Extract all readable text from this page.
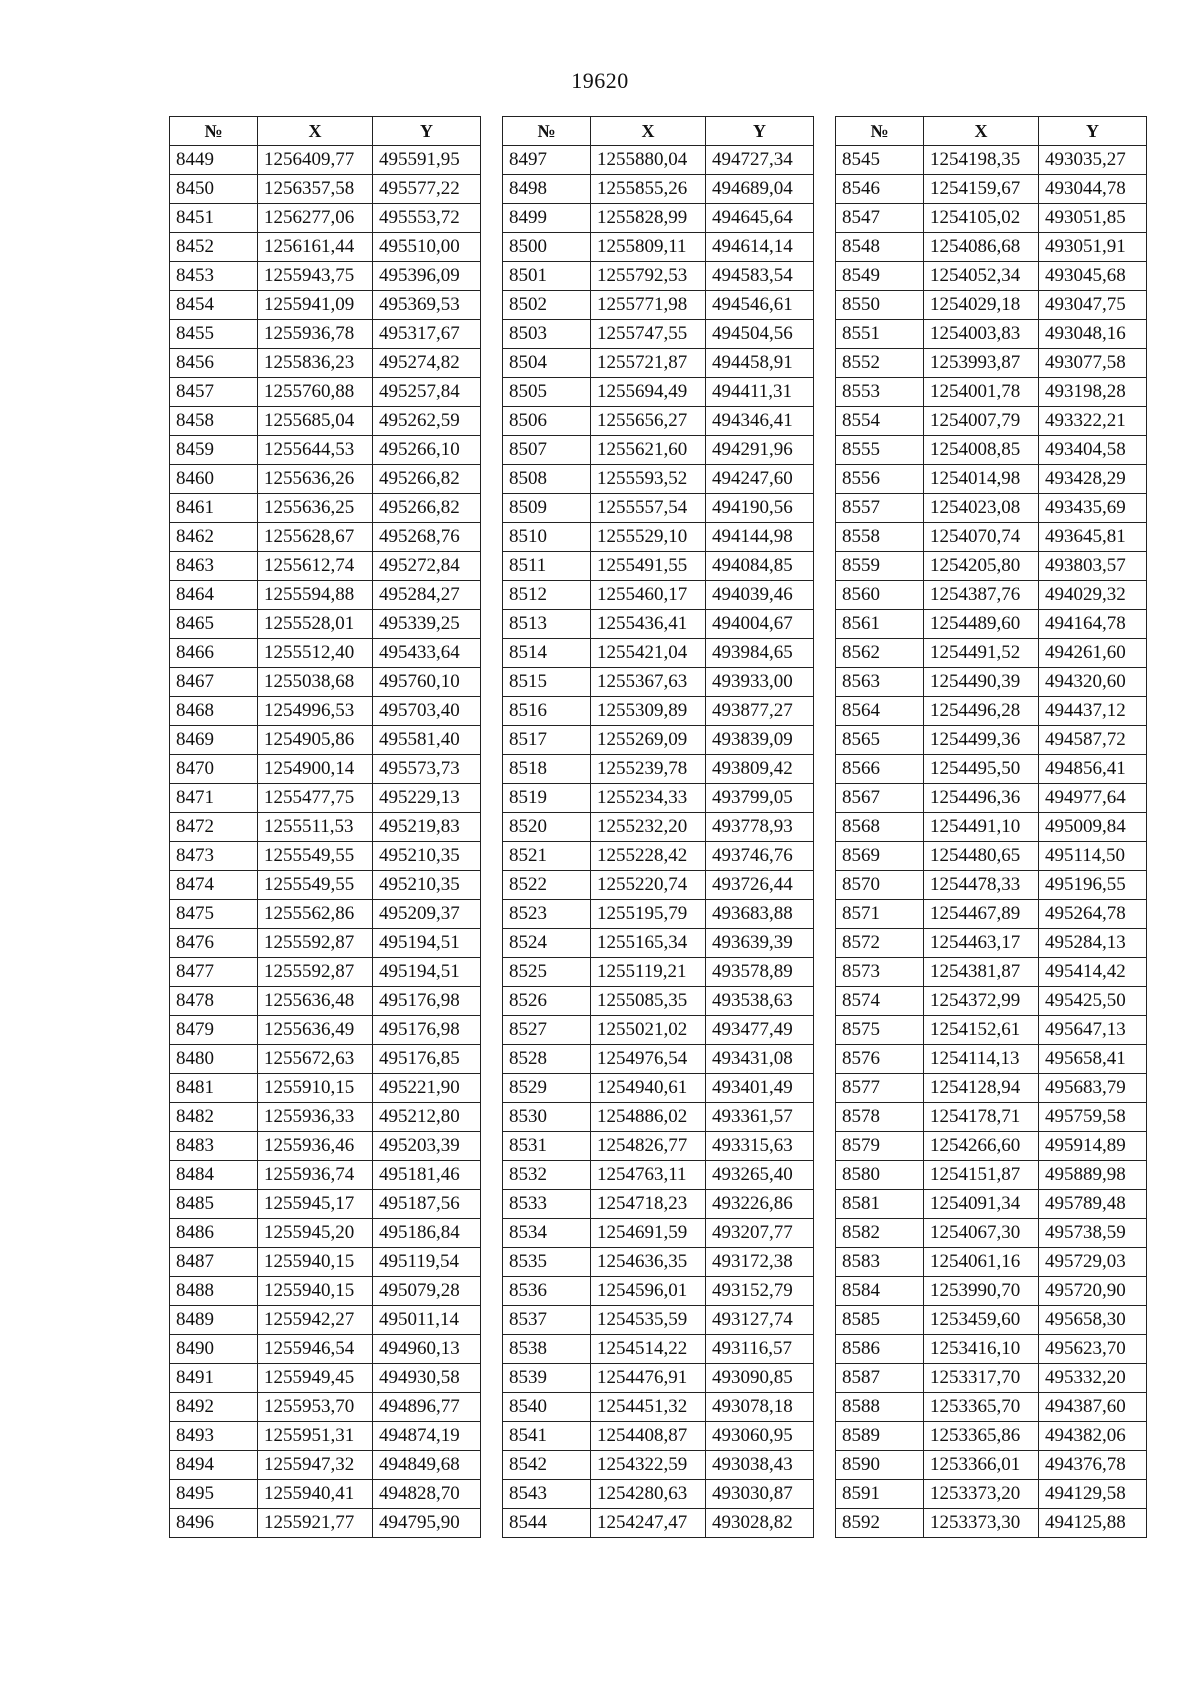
19620
№	X	Y
8449	1256409,77	495591,95
8450	1256357,58	495577,22
8451	1256277,06	495553,72
8452	1256161,44	495510,00
8453	1255943,75	495396,09
8454	1255941,09	495369,53
8455	1255936,78	495317,67
8456	1255836,23	495274,82
8457	1255760,88	495257,84
8458	1255685,04	495262,59
8459	1255644,53	495266,10
8460	1255636,26	495266,82
8461	1255636,25	495266,82
8462	1255628,67	495268,76
8463	1255612,74	495272,84
8464	1255594,88	495284,27
8465	1255528,01	495339,25
8466	1255512,40	495433,64
8467	1255038,68	495760,10
8468	1254996,53	495703,40
8469	1254905,86	495581,40
8470	1254900,14	495573,73
8471	1255477,75	495229,13
8472	1255511,53	495219,83
8473	1255549,55	495210,35
8474	1255549,55	495210,35
8475	1255562,86	495209,37
8476	1255592,87	495194,51
8477	1255592,87	495194,51
8478	1255636,48	495176,98
8479	1255636,49	495176,98
8480	1255672,63	495176,85
8481	1255910,15	495221,90
8482	1255936,33	495212,80
8483	1255936,46	495203,39
8484	1255936,74	495181,46
8485	1255945,17	495187,56
8486	1255945,20	495186,84
8487	1255940,15	495119,54
8488	1255940,15	495079,28
8489	1255942,27	495011,14
8490	1255946,54	494960,13
8491	1255949,45	494930,58
8492	1255953,70	494896,77
8493	1255951,31	494874,19
8494	1255947,32	494849,68
8495	1255940,41	494828,70
8496	1255921,77	494795,90
№	X	Y
8497	1255880,04	494727,34
8498	1255855,26	494689,04
8499	1255828,99	494645,64
8500	1255809,11	494614,14
8501	1255792,53	494583,54
8502	1255771,98	494546,61
8503	1255747,55	494504,56
8504	1255721,87	494458,91
8505	1255694,49	494411,31
8506	1255656,27	494346,41
8507	1255621,60	494291,96
8508	1255593,52	494247,60
8509	1255557,54	494190,56
8510	1255529,10	494144,98
8511	1255491,55	494084,85
8512	1255460,17	494039,46
8513	1255436,41	494004,67
8514	1255421,04	493984,65
8515	1255367,63	493933,00
8516	1255309,89	493877,27
8517	1255269,09	493839,09
8518	1255239,78	493809,42
8519	1255234,33	493799,05
8520	1255232,20	493778,93
8521	1255228,42	493746,76
8522	1255220,74	493726,44
8523	1255195,79	493683,88
8524	1255165,34	493639,39
8525	1255119,21	493578,89
8526	1255085,35	493538,63
8527	1255021,02	493477,49
8528	1254976,54	493431,08
8529	1254940,61	493401,49
8530	1254886,02	493361,57
8531	1254826,77	493315,63
8532	1254763,11	493265,40
8533	1254718,23	493226,86
8534	1254691,59	493207,77
8535	1254636,35	493172,38
8536	1254596,01	493152,79
8537	1254535,59	493127,74
8538	1254514,22	493116,57
8539	1254476,91	493090,85
8540	1254451,32	493078,18
8541	1254408,87	493060,95
8542	1254322,59	493038,43
8543	1254280,63	493030,87
8544	1254247,47	493028,82
№	X	Y
8545	1254198,35	493035,27
8546	1254159,67	493044,78
8547	1254105,02	493051,85
8548	1254086,68	493051,91
8549	1254052,34	493045,68
8550	1254029,18	493047,75
8551	1254003,83	493048,16
8552	1253993,87	493077,58
8553	1254001,78	493198,28
8554	1254007,79	493322,21
8555	1254008,85	493404,58
8556	1254014,98	493428,29
8557	1254023,08	493435,69
8558	1254070,74	493645,81
8559	1254205,80	493803,57
8560	1254387,76	494029,32
8561	1254489,60	494164,78
8562	1254491,52	494261,60
8563	1254490,39	494320,60
8564	1254496,28	494437,12
8565	1254499,36	494587,72
8566	1254495,50	494856,41
8567	1254496,36	494977,64
8568	1254491,10	495009,84
8569	1254480,65	495114,50
8570	1254478,33	495196,55
8571	1254467,89	495264,78
8572	1254463,17	495284,13
8573	1254381,87	495414,42
8574	1254372,99	495425,50
8575	1254152,61	495647,13
8576	1254114,13	495658,41
8577	1254128,94	495683,79
8578	1254178,71	495759,58
8579	1254266,60	495914,89
8580	1254151,87	495889,98
8581	1254091,34	495789,48
8582	1254067,30	495738,59
8583	1254061,16	495729,03
8584	1253990,70	495720,90
8585	1253459,60	495658,30
8586	1253416,10	495623,70
8587	1253317,70	495332,20
8588	1253365,70	494387,60
8589	1253365,86	494382,06
8590	1253366,01	494376,78
8591	1253373,20	494129,58
8592	1253373,30	494125,88
